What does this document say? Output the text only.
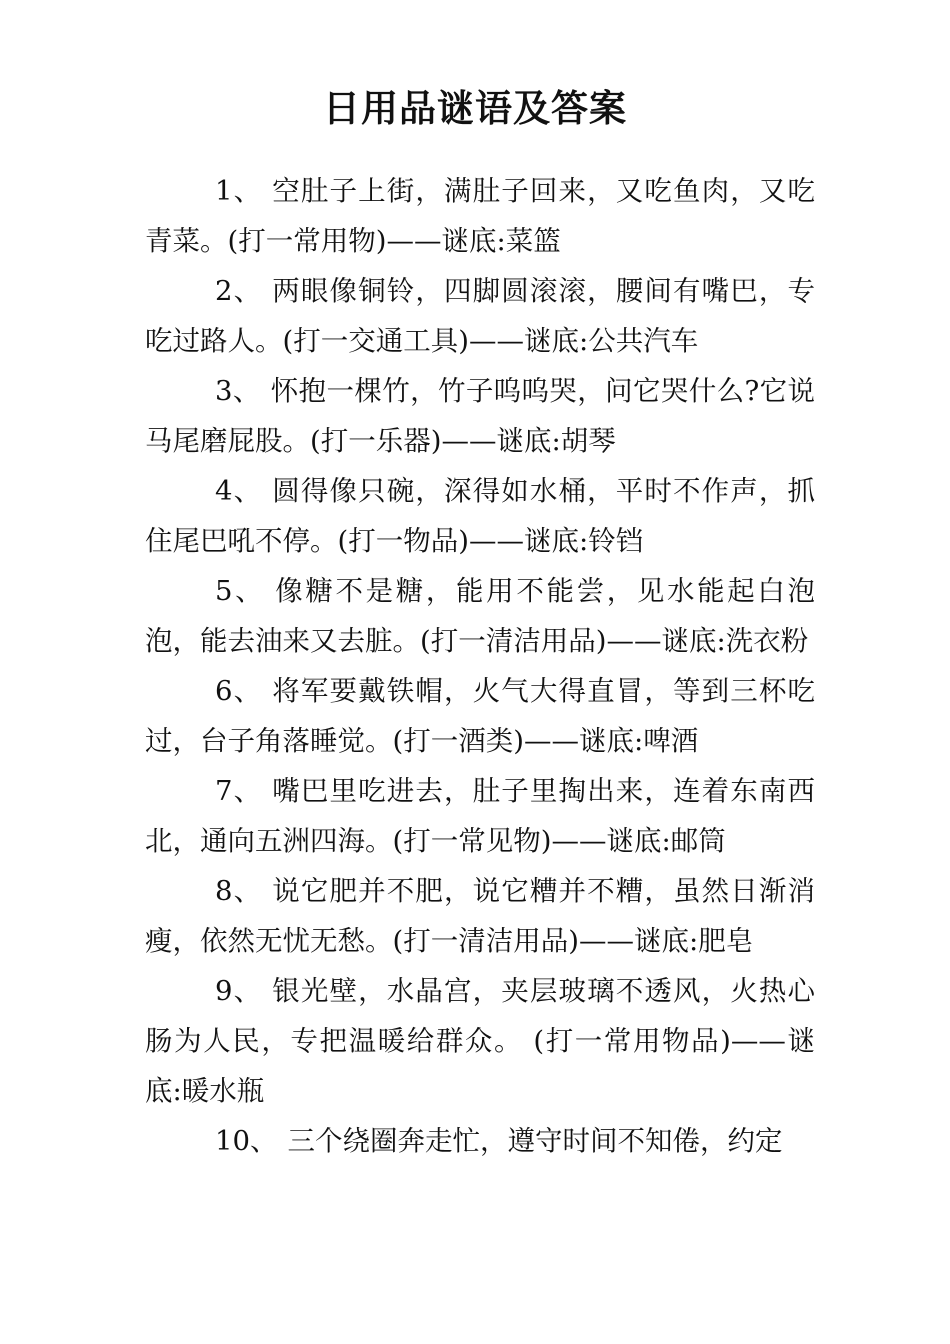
日用品谜语及答案

1、 空肚子上街，满肚子回来，又吃鱼肉，又吃青菜。(打一常用物)——谜底:菜篮

2、 两眼像铜铃，四脚圆滚滚，腰间有嘴巴，专吃过路人。(打一交通工具)——谜底:公共汽车

3、 怀抱一棵竹，竹子呜呜哭，问它哭什么?它说马尾磨屁股。(打一乐器)——谜底:胡琴

4、 圆得像只碗，深得如水桶，平时不作声，抓住尾巴吼不停。(打一物品)——谜底:铃铛

5、 像糖不是糖，能用不能尝，见水能起白泡泡，能去油来又去脏。(打一清洁用品)——谜底:洗衣粉

6、 将军要戴铁帽，火气大得直冒，等到三杯吃过，台子角落睡觉。(打一酒类)——谜底:啤酒

7、 嘴巴里吃进去，肚子里掏出来，连着东南西北，通向五洲四海。(打一常见物)——谜底:邮筒

8、 说它肥并不肥，说它糟并不糟，虽然日渐消瘦，依然无忧无愁。(打一清洁用品)——谜底:肥皂

9、 银光壁，水晶宫，夹层玻璃不透风，火热心肠为人民，专把温暖给群众。 (打一常用物品)——谜底:暖水瓶

10、 三个绕圈奔走忙，遵守时间不知倦，约定
